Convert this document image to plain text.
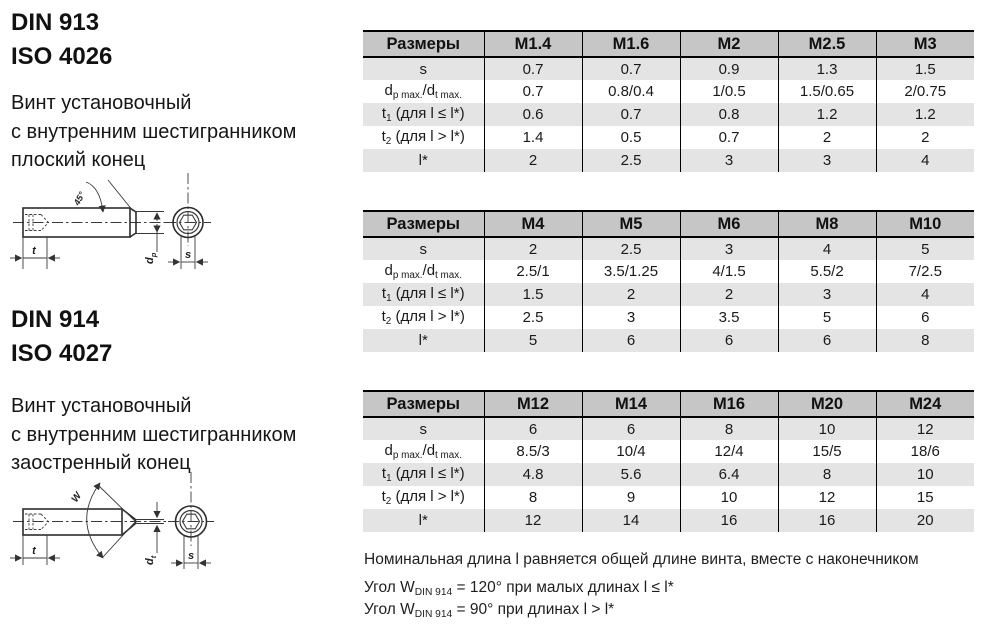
DIN 913
ISO 4026
Винт установочный
с внутренним шестигранником
плоский конец
45°
t
$d_p$ s
DIN 914
ISO 4027
Винт установочный
с внутренним шестигранником
заостренный конец
W
t
$d_t$	s
Размеры	M1.4	M1.6	M2	M2.5	M3
s	0.7	0.7	0.9	1.3	1.5
$d_{p max.}/d_{t max.}$	0.7	0.8/0.4	1/0.5	1.5/0.65	2/0.75
$t_1$ (для l ≤ l*)	0.6	0.7	0.8	1.2	1.2
$t_2$ (для l > l*)	1.4	0.5	0.7	2	2
l*	2	2.5	3	3	4
Размеры	M4	M5	M6	M8	M10
s	2	2.5	3	4	5
$d_{p max.}/d_{t max.}$	2.5/1	3.5/1.25	4/1.5	5.5/2	7/2.5
$t_1$ (для l ≤ l*)	1.5	2	2	3	4
$t_2$ (для l > l*)	2.5	3	3.5	5	6
l*	5	6	6	6	8
Размеры	M12	M14	M16	M20	M24
s	6	6	8	10	12
$d_{p max.}/d_{t max.}$	8.5/3	10/4	12/4	15/5	18/6
$t_1$ (для l ≤ l*)	4.8	5.6	6.4	8	10
$t_2$ (для l > l*)	8	9	10	12	15
l*	12	14	16	16	20
Номинальная длина l равняется общей длине винта, вместе с наконечником
Угол $W_{DIN 914} = 120^\circ$ при малых длинах l ≤ l*
Угол $W_{DIN 914} = 90^\circ$ при длинах l > l*
